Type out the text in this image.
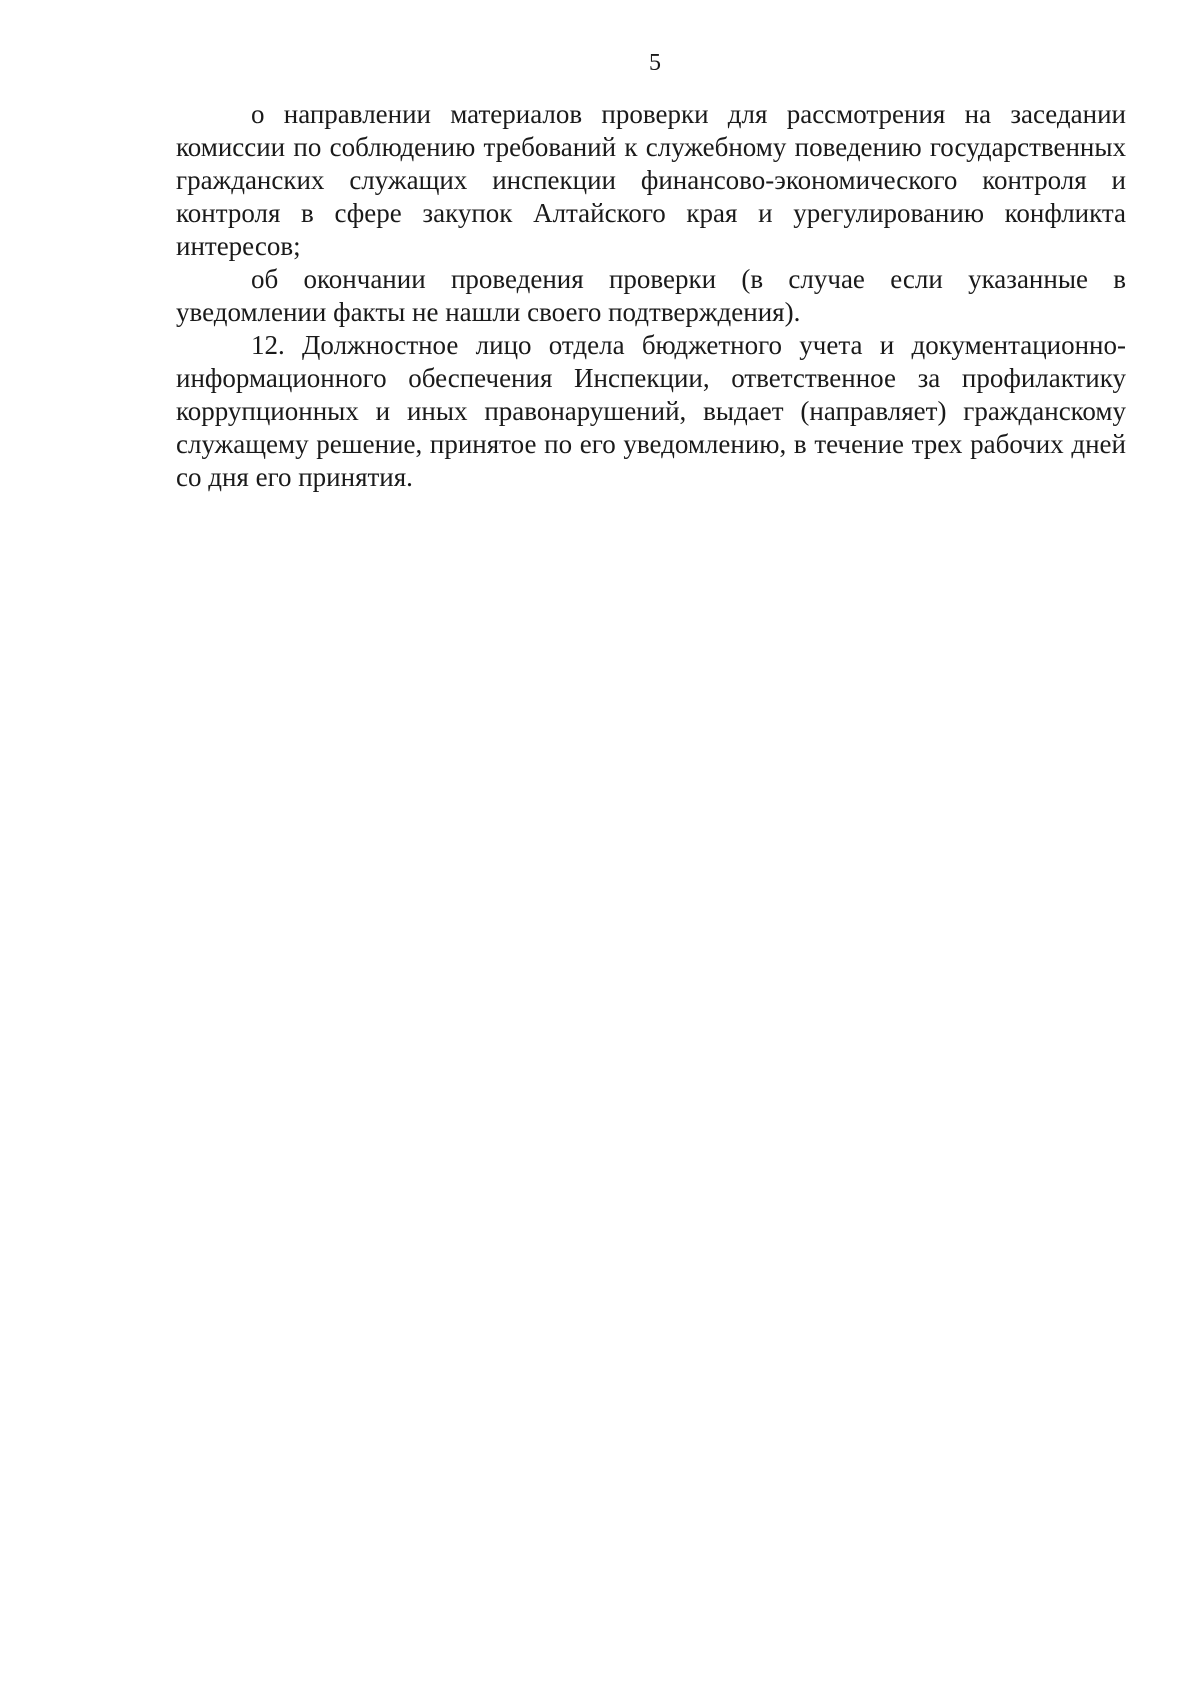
5

о направлении материалов проверки для рассмотрения на заседании комиссии по соблюдению требований к служебному поведению государственных гражданских служащих инспекции финансово-экономического контроля и контроля в сфере закупок Алтайского края и урегулированию конфликта интересов;

об окончании проведения проверки (в случае если указанные в уведомлении факты не нашли своего подтверждения).

12. Должностное лицо отдела бюджетного учета и документационно-информационного обеспечения Инспекции, ответственное за профилактику коррупционных и иных правонарушений, выдает (направляет) гражданскому служащему решение, принятое по его уведомлению, в течение трех рабочих дней со дня его принятия.
